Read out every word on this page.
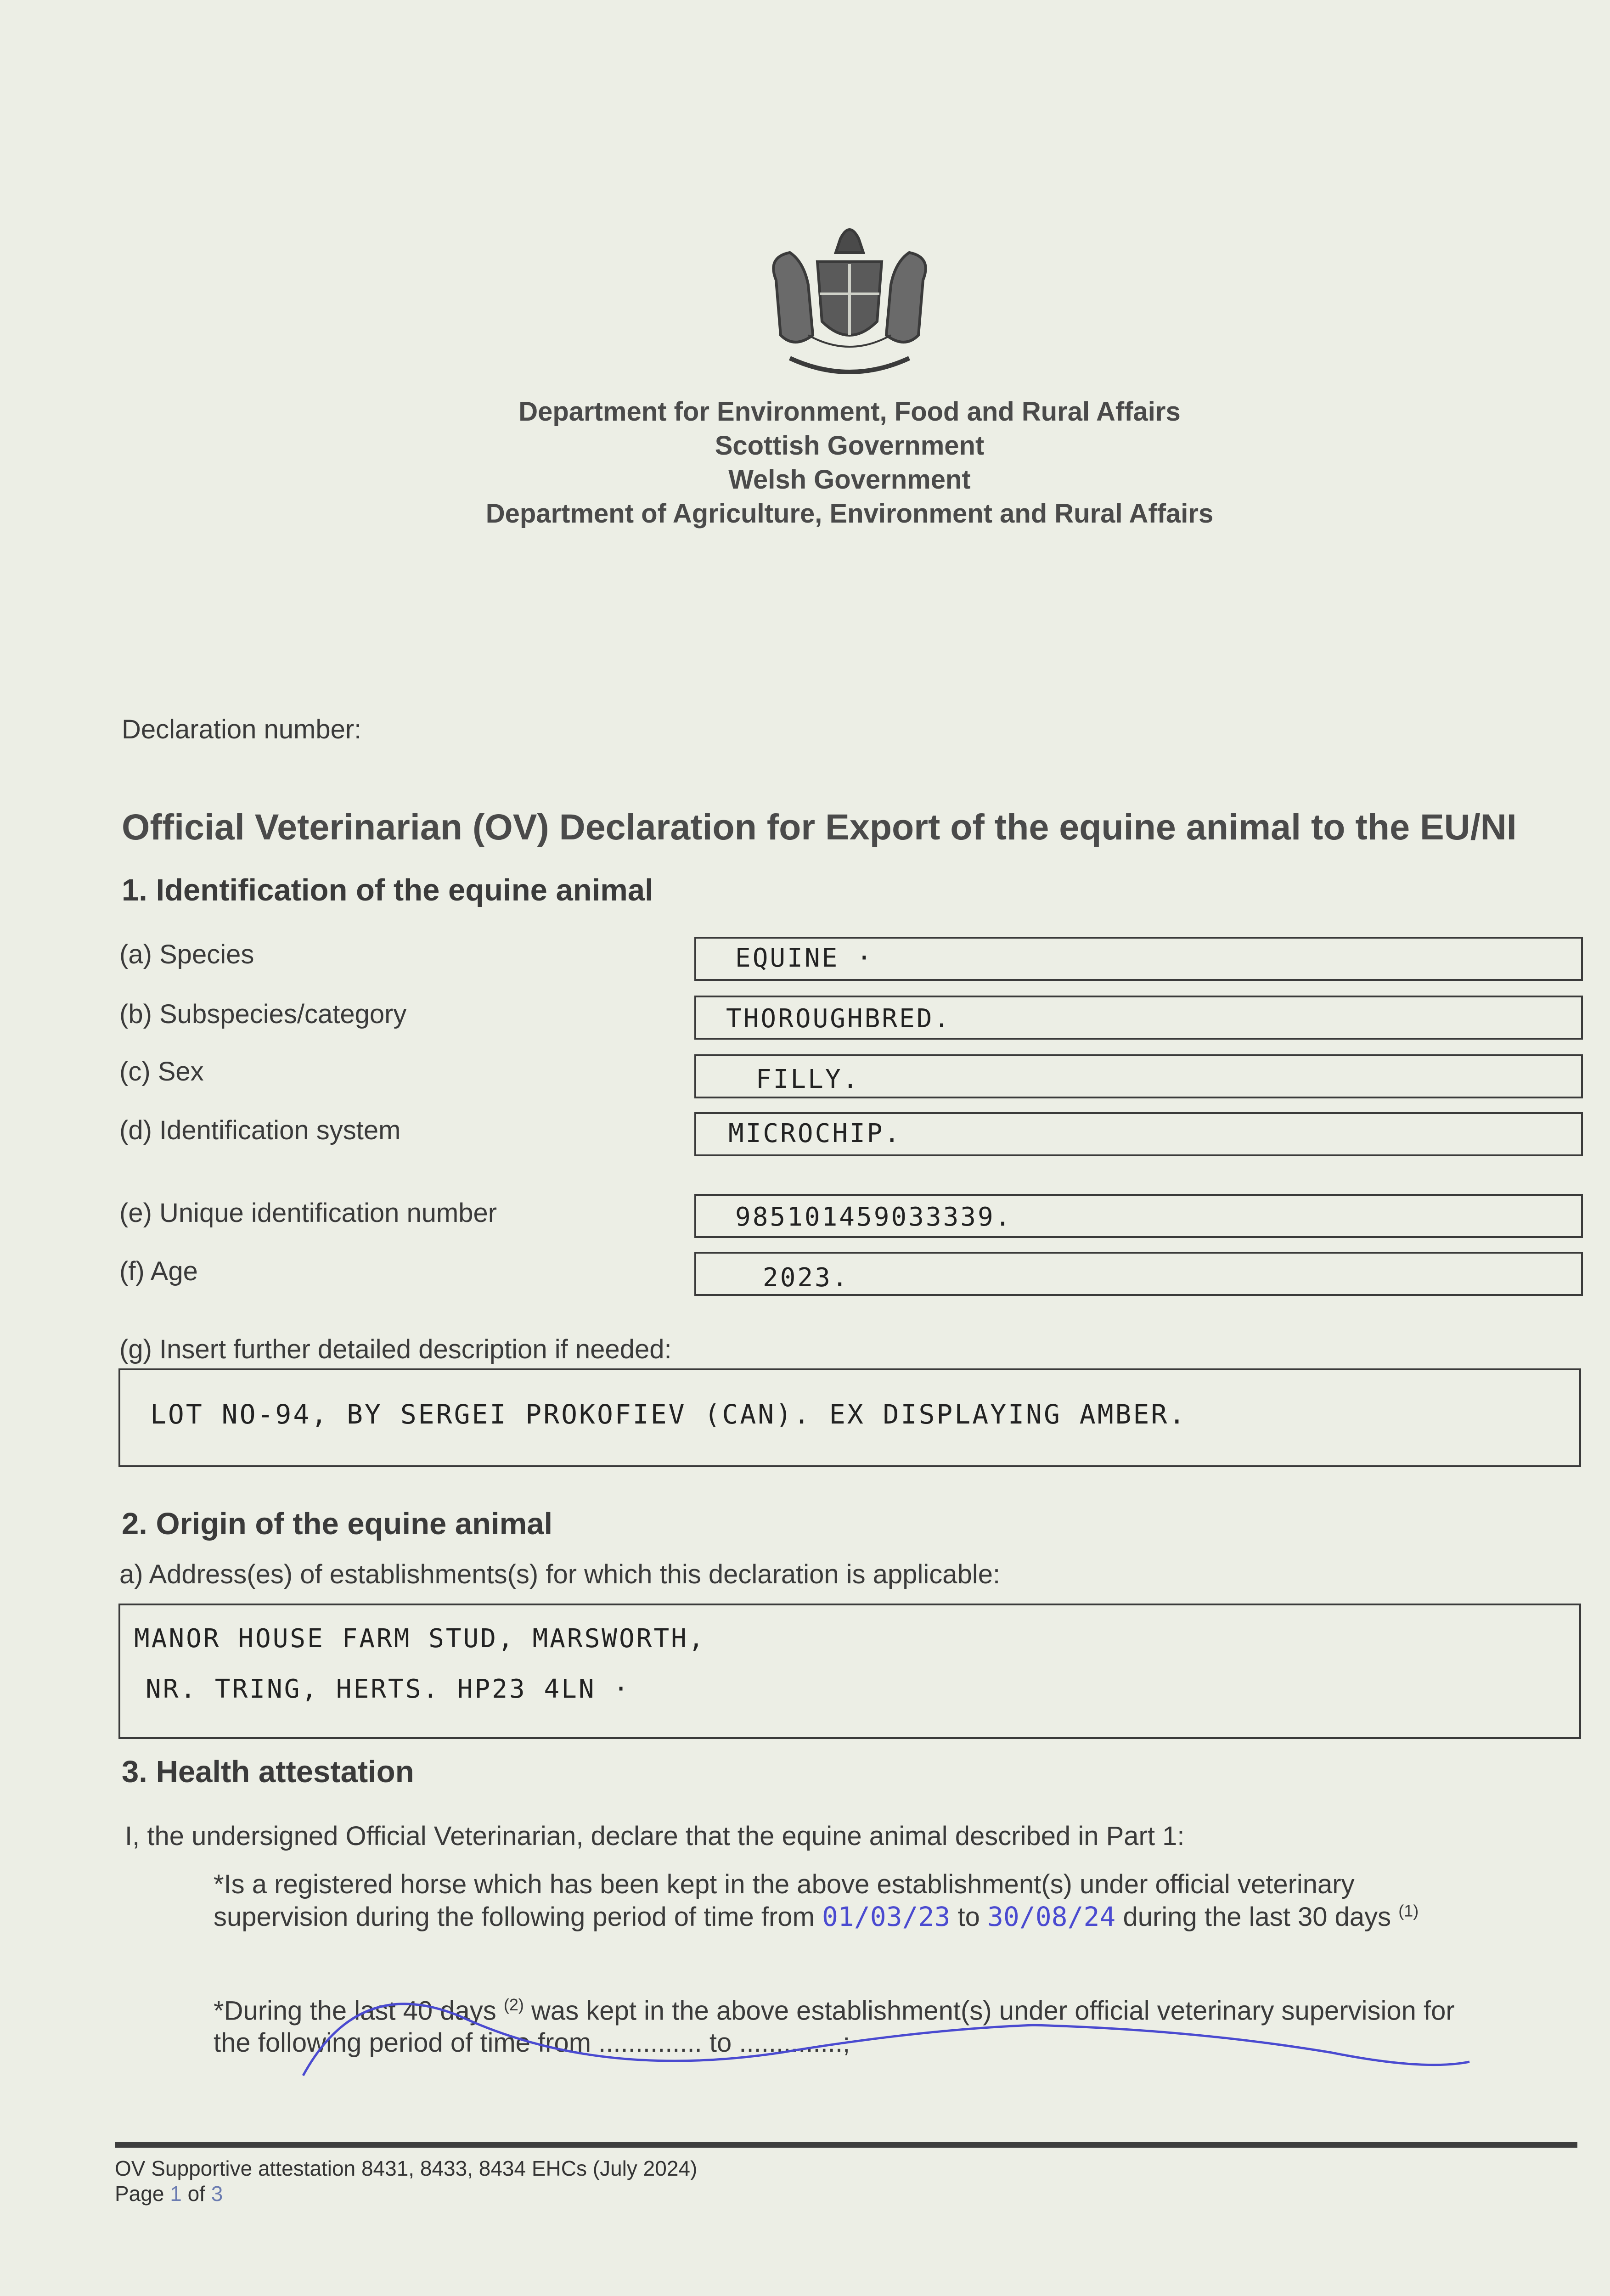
Department for Environment, Food and Rural Affairs
Scottish Government
Welsh Government
Department of Agriculture, Environment and Rural Affairs
Declaration number:
Official Veterinarian (OV) Declaration for Export of the equine animal to the EU/NI
1. Identification of the equine animal
(a) Species	EQUINE ·
(b) Subspecies/category	THOROUGHBRED.
(c) Sex	FILLY.
(d) Identification system	MICROCHIP.
(e) Unique identification number	985101459033339.
(f) Age	2023.
(g) Insert further detailed description if needed:
LOT NO-94, BY SERGEI PROKOFIEV (CAN). EX DISPLAYING AMBER.
2. Origin of the equine animal
a) Address(es) of establishments(s) for which this declaration is applicable:
MANOR HOUSE FARM STUD, MARSWORTH,
NR. TRING, HERTS. HP23 4LN ·
3. Health attestation
I, the undersigned Official Veterinarian, declare that the equine animal described in Part 1:
*Is a registered horse which has been kept in the above establishment(s) under official veterinary
supervision during the following period of time from 01/03/23 to 30/08/24 during the last 30 days $^{(1)}$
*During the last 40 days $^{(2)}$ was kept in the above establishment(s) under official veterinary supervision for
the following period of time from .............. to ..............;
OV Supportive attestation 8431, 8433, 8434 EHCs (July 2024)
Page 1 of 3
